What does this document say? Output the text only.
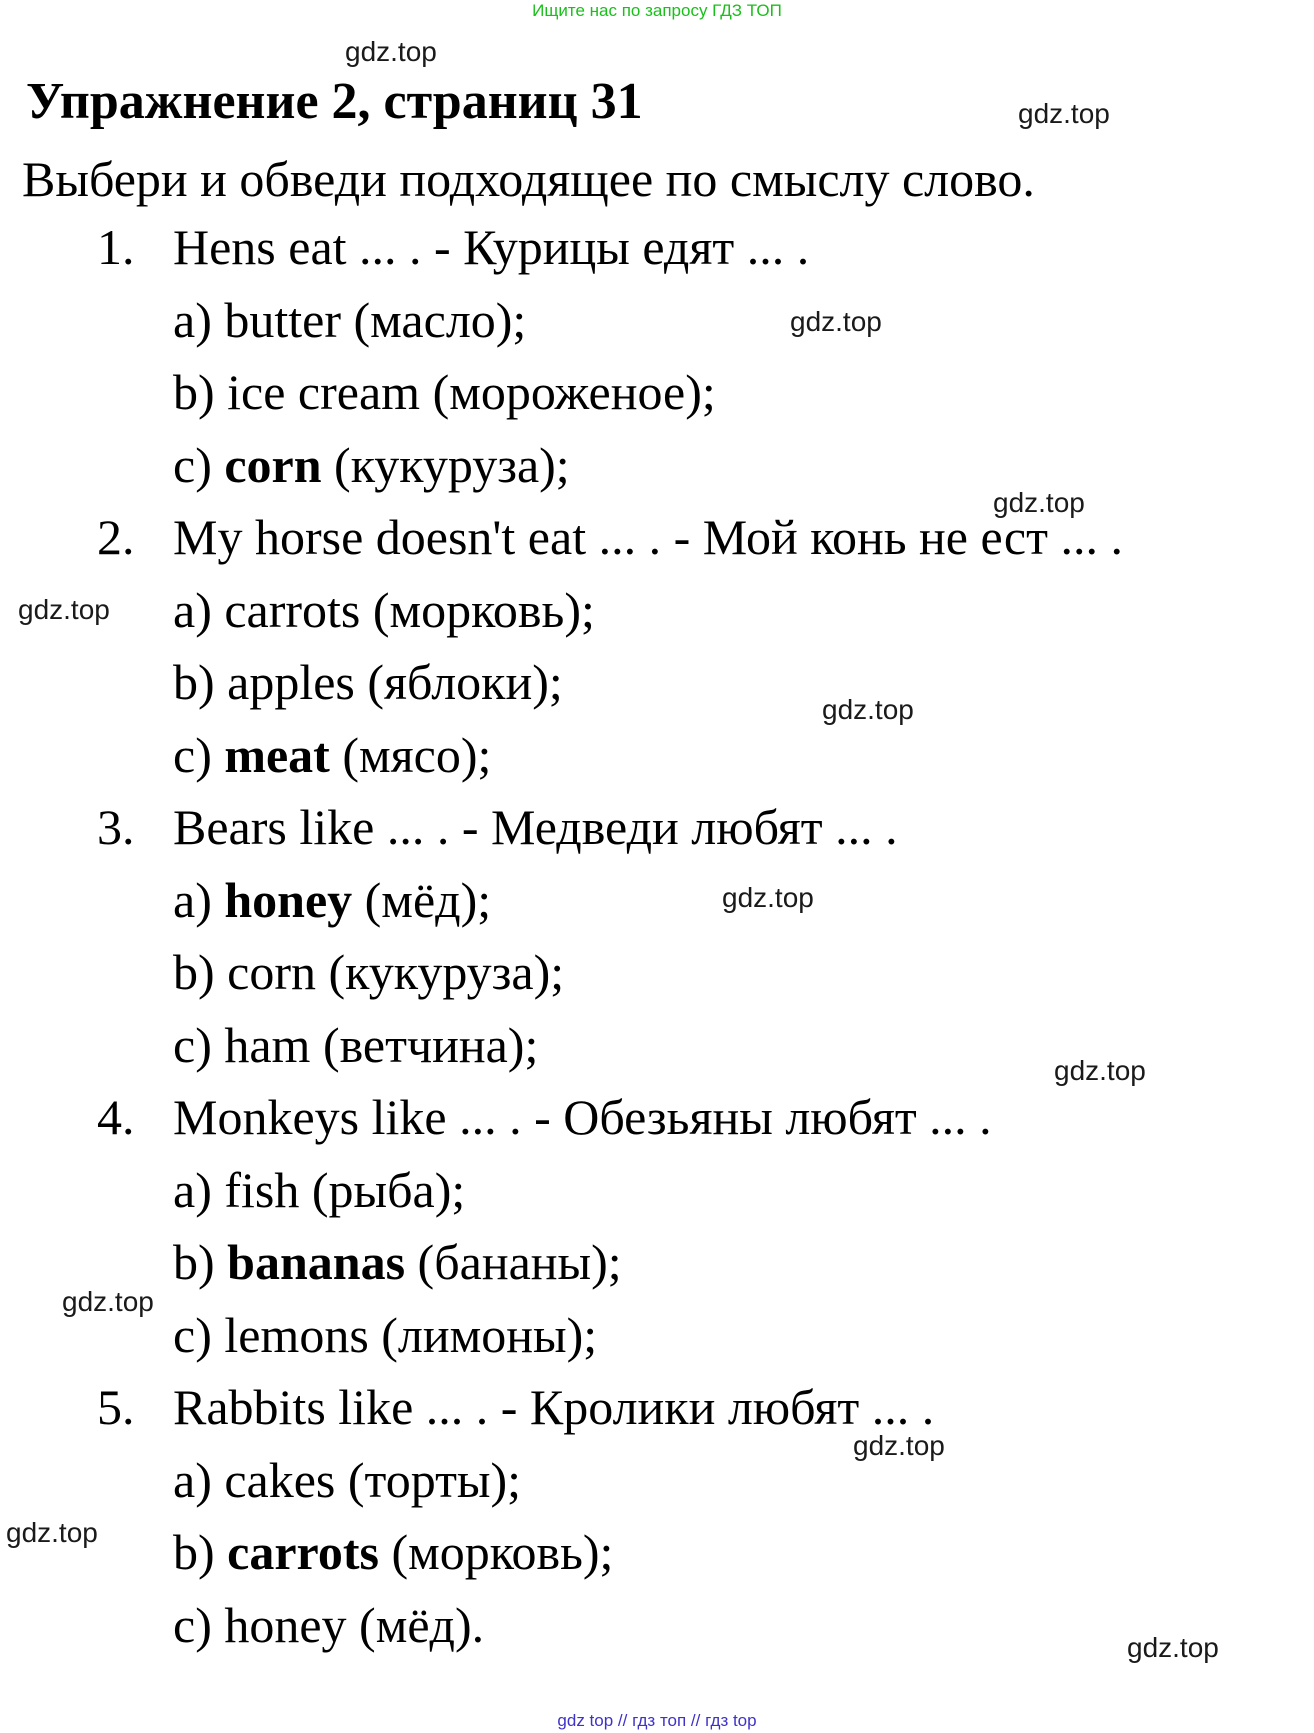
Ищите нас по запросу ГДЗ ТОП
gdz.top
gdz.top
gdz.top
gdz.top
gdz.top
gdz.top
gdz.top
gdz.top
gdz.top
gdz.top
gdz.top
gdz.top
Упражнение 2, страниц 31
Выбери и обведи подходящее по смыслу слово.
1. Hens eat ... . - Курицы едят ... .
a) butter (масло);
b) ice cream (мороженое);
c) corn (кукуруза);
2. My horse doesn't eat ... . - Мой конь не ест ... .
a) carrots (морковь);
b) apples (яблоки);
c) meat (мясо);
3. Bears like ... . - Медведи любят ... .
a) honey (мёд);
b) corn (кукуруза);
c) ham (ветчина);
4. Monkeys like ... . - Обезьяны любят ... .
a) fish (рыба);
b) bananas (бананы);
c) lemons (лимоны);
5. Rabbits like ... . - Кролики любят ... .
a) cakes (торты);
b) carrots (морковь);
c) honey (мёд).
gdz top // гдз топ // гдз top
